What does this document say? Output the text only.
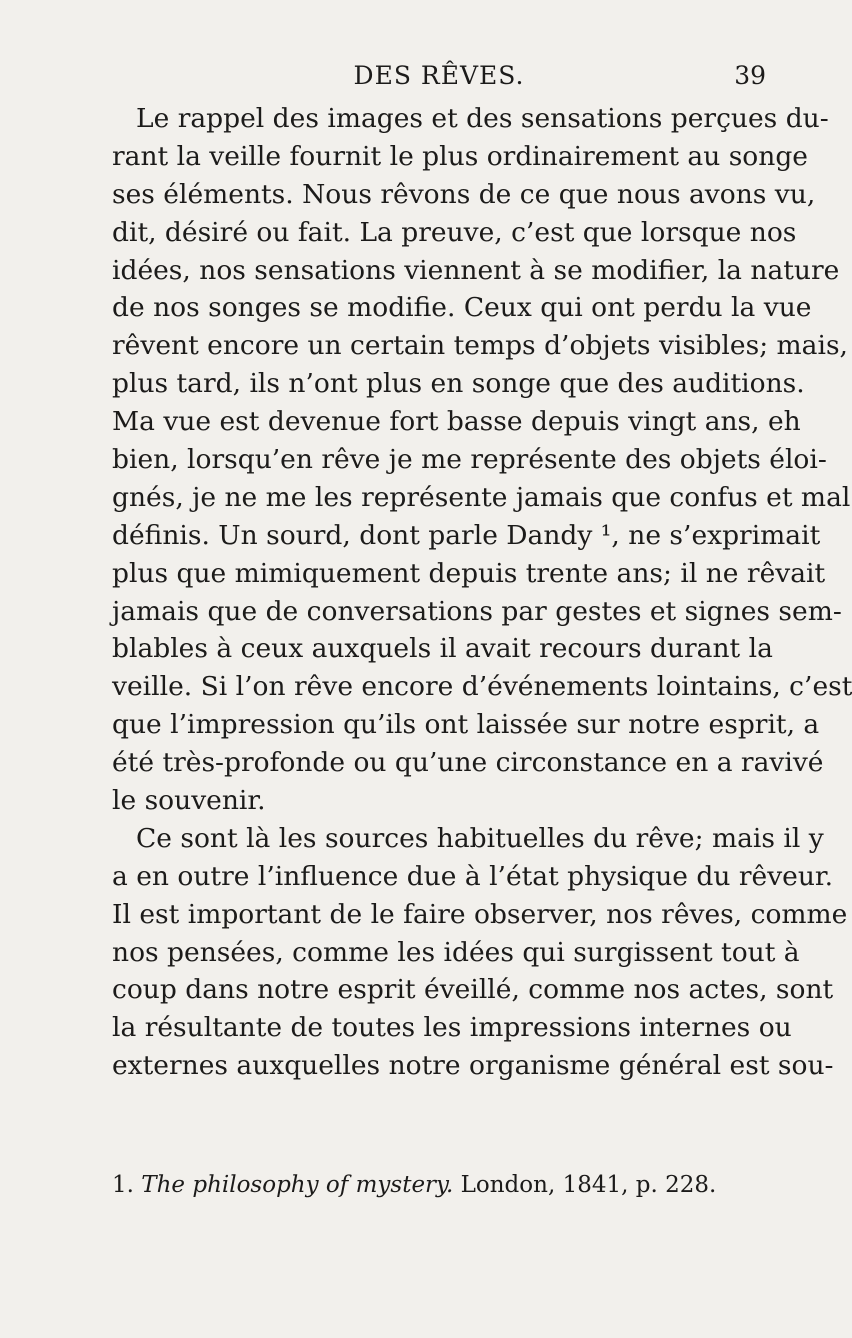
DES RÊVES.	39
Le rappel des images et des sensations perçues du-
rant la veille fournit le plus ordinairement au songe
ses éléments. Nous rêvons de ce que nous avons vu,
dit, désiré ou fait. La preuve, c’est que lorsque nos
idées, nos sensations viennent à se modifier, la nature
de nos songes se modifie. Ceux qui ont perdu la vue
rêvent encore un certain temps d’objets visibles; mais,
plus tard, ils n’ont plus en songe que des auditions.
Ma vue est devenue fort basse depuis vingt ans, eh
bien, lorsqu’en rêve je me représente des objets éloi-
gnés, je ne me les représente jamais que confus et mal
définis. Un sourd, dont parle Dandy ¹, ne s’exprimait
plus que mimiquement depuis trente ans; il ne rêvait
jamais que de conversations par gestes et signes sem-
blables à ceux auxquels il avait recours durant la
veille. Si l’on rêve encore d’événements lointains, c’est
que l’impression qu’ils ont laissée sur notre esprit, a
été très-profonde ou qu’une circonstance en a ravivé
le souvenir.
Ce sont là les sources habituelles du rêve; mais il y
a en outre l’influence due à l’état physique du rêveur.
Il est important de le faire observer, nos rêves, comme
nos pensées, comme les idées qui surgissent tout à
coup dans notre esprit éveillé, comme nos actes, sont
la résultante de toutes les impressions internes ou
externes auxquelles notre organisme général est sou-
1. The philosophy of mystery. London, 1841, p. 228.
